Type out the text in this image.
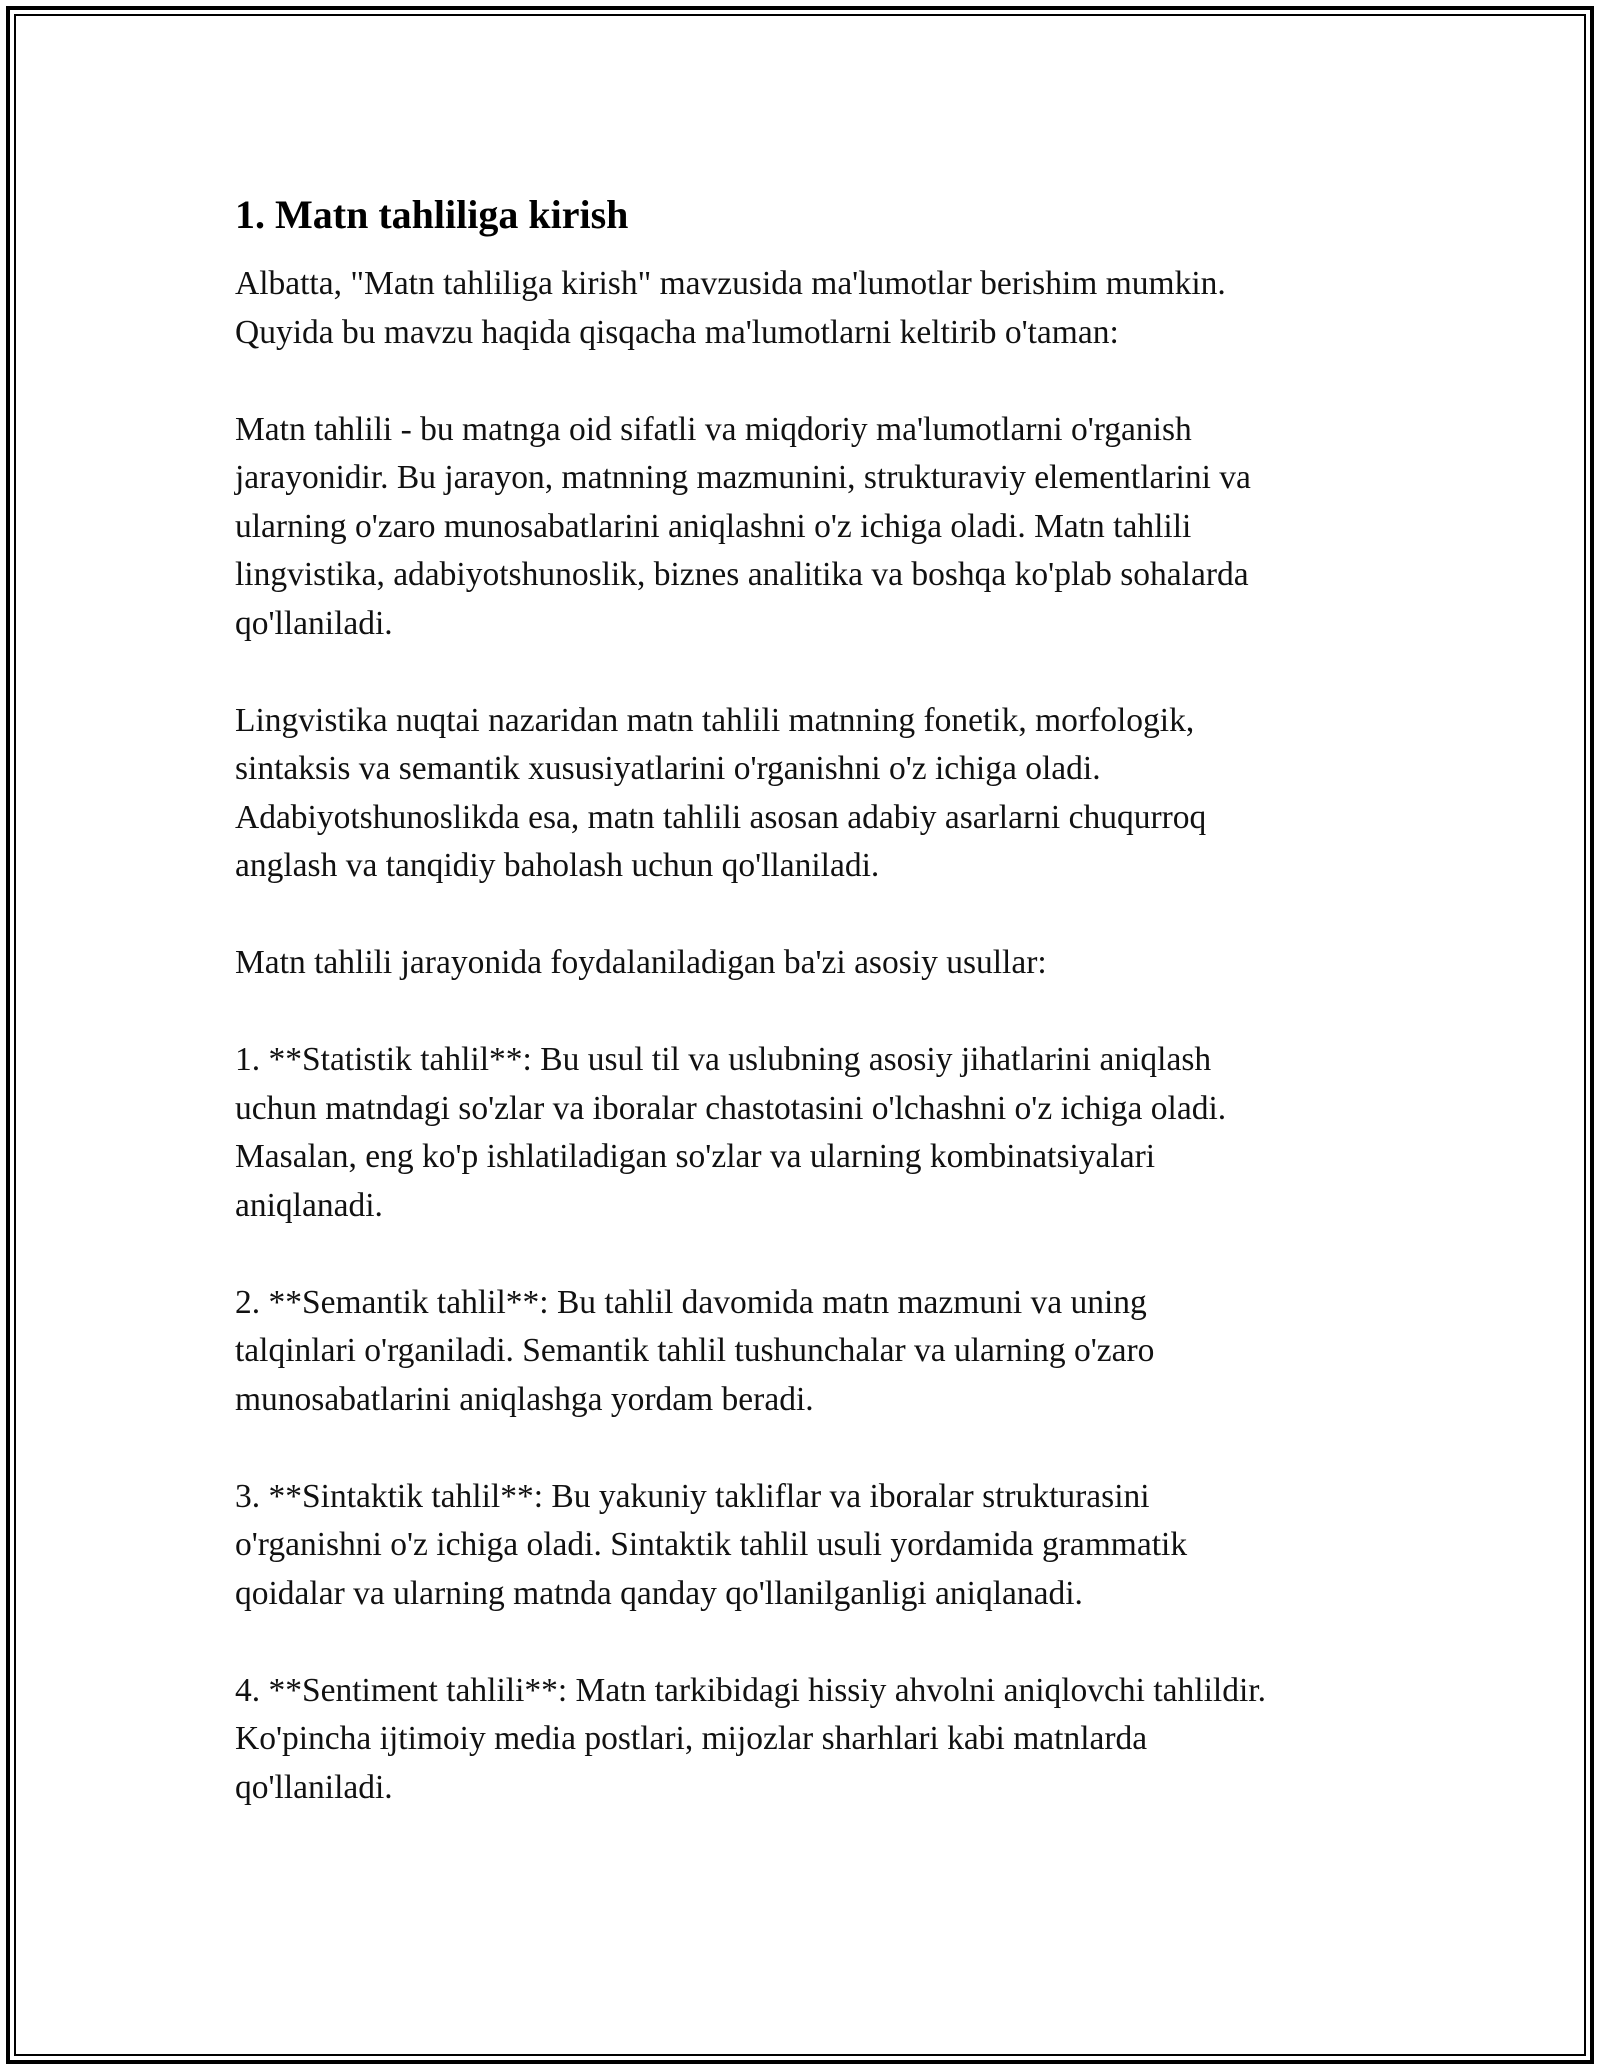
1. Matn tahliliga kirish

Albatta, "Matn tahliliga kirish" mavzusida ma'lumotlar berishim mumkin.
Quyida bu mavzu haqida qisqacha ma'lumotlarni keltirib o'taman:

Matn tahlili - bu matnga oid sifatli va miqdoriy ma'lumotlarni o'rganish
jarayonidir. Bu jarayon, matnning mazmunini, strukturaviy elementlarini va
ularning o'zaro munosabatlarini aniqlashni o'z ichiga oladi. Matn tahlili
lingvistika, adabiyotshunoslik, biznes analitika va boshqa ko'plab sohalarda
qo'llaniladi.

Lingvistika nuqtai nazaridan matn tahlili matnning fonetik, morfologik,
sintaksis va semantik xususiyatlarini o'rganishni o'z ichiga oladi.
Adabiyotshunoslikda esa, matn tahlili asosan adabiy asarlarni chuqurroq
anglash va tanqidiy baholash uchun qo'llaniladi.

Matn tahlili jarayonida foydalaniladigan ba'zi asosiy usullar:

1. **Statistik tahlil**: Bu usul til va uslubning asosiy jihatlarini aniqlash
uchun matndagi so'zlar va iboralar chastotasini o'lchashni o'z ichiga oladi.
Masalan, eng ko'p ishlatiladigan so'zlar va ularning kombinatsiyalari
aniqlanadi.

2. **Semantik tahlil**: Bu tahlil davomida matn mazmuni va uning
talqinlari o'rganiladi. Semantik tahlil tushunchalar va ularning o'zaro
munosabatlarini aniqlashga yordam beradi.

3. **Sintaktik tahlil**: Bu yakuniy takliflar va iboralar strukturasini
o'rganishni o'z ichiga oladi. Sintaktik tahlil usuli yordamida grammatik
qoidalar va ularning matnda qanday qo'llanilganligi aniqlanadi.

4. **Sentiment tahlili**: Matn tarkibidagi hissiy ahvolni aniqlovchi tahlildir.
Ko'pincha ijtimoiy media postlari, mijozlar sharhlari kabi matnlarda
qo'llaniladi.
